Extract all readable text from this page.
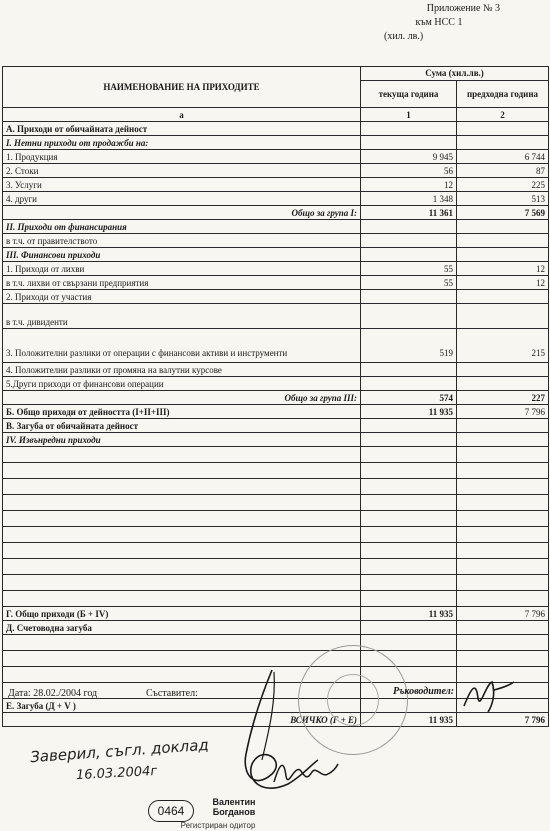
Приложение № 3
към НСС 1
(хил. лв.)
НАИМЕНОВАНИЕ НА ПРИХОДИТЕ	Сума (хил.лв.)	
	текуща година	предходна година
а	1	2
А. Приходи от обичайната дейност		
I. Нетни приходи от продажби на:		
1. Продукция	9 945	6 744
2. Стоки	56	87
3. Услуги	12	225
4. други	1 348	513
Общо за група I:	11 361	7 569
II. Приходи от финансирания		
в т.ч. от правителството		
III. Финансови приходи		
1. Приходи от лихви	55	12
в т.ч. лихви от свързани предприятия	55	12
2. Приходи от участия		
в т.ч. дивиденти		
3. Положителни разлики от операции с финансови активи и инструменти	519	215
4. Положителни разлики от промяна на валутни курсове		
5.Други приходи от финансови операции		
Общо за група III:	574	227
Б. Общо приходи от дейността (I+II+III)	11 935	7 796
В. Загуба от обичайната дейност		
IV. Извънредни приходи		

Г. Общо приходи (Б + IV)	11 935	7 796
Д. Счетоводна загуба		

Е. Загуба (Д + V )		
ВСИЧКО (Г + Е)	11 935	7 796
Дата: 28.02./2004 год	Съставител:	Ръководител:
Заверил, съгл. доклад
16.03.2004г
0464
Валентин
Богданов
Регистриран одитор
